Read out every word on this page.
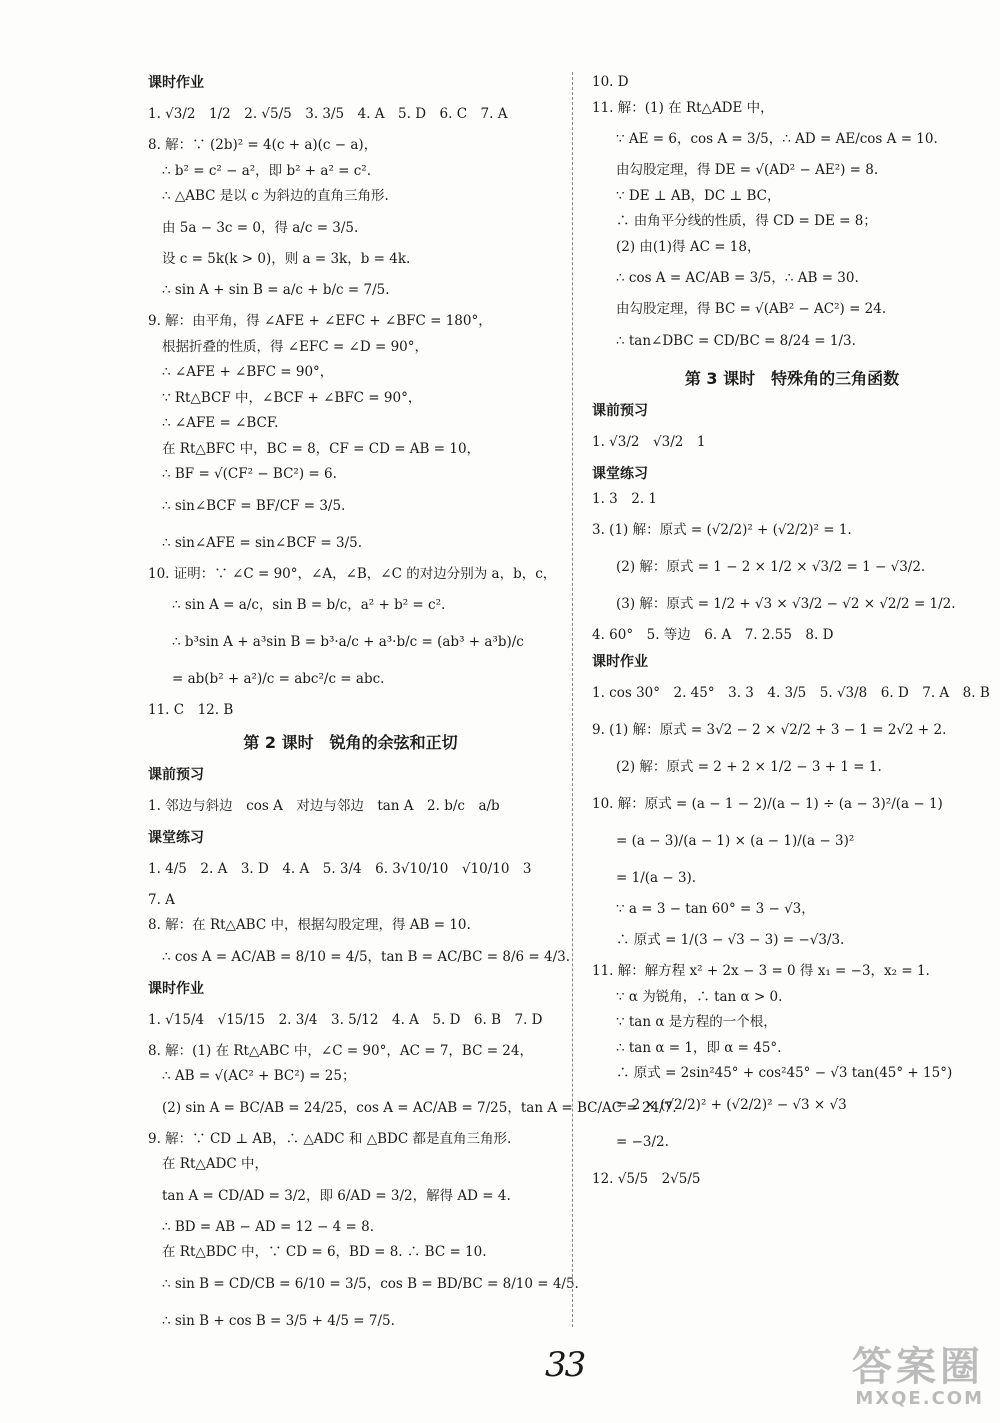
课时作业
1. √3/2　1/2　2. √5/5　3. 3/5　4. A　5. D　6. C　7. A
8. 解：∵ (2b)² = 4(c + a)(c − a)，
∴ b² = c² − a²，即 b² + a² = c².
∴ △ABC 是以 c 为斜边的直角三角形.
由 5a − 3c = 0，得 a/c = 3/5.
设 c = 5k(k > 0)，则 a = 3k，b = 4k.
∴ sin A + sin B = a/c + b/c = 7/5.
9. 解：由平角，得 ∠AFE + ∠EFC + ∠BFC = 180°，
根据折叠的性质，得 ∠EFC = ∠D = 90°，
∴ ∠AFE + ∠BFC = 90°，
∵ Rt△BCF 中，∠BCF + ∠BFC = 90°，
∴ ∠AFE = ∠BCF.
在 Rt△BFC 中，BC = 8，CF = CD = AB = 10，
∴ BF = √(CF² − BC²) = 6.
∴ sin∠BCF = BF/CF = 3/5.
∴ sin∠AFE = sin∠BCF = 3/5.
10. 证明：∵ ∠C = 90°，∠A，∠B，∠C 的对边分别为 a，b，c，
∴ sin A = a/c，sin B = b/c，a² + b² = c².
∴ b³sin A + a³sin B = b³·a/c + a³·b/c = (ab³ + a³b)/c
= ab(b² + a²)/c = abc²/c = abc.
11. C　12. B
第 2 课时　锐角的余弦和正切
课前预习
1. 邻边与斜边　cos A　对边与邻边　tan A　2. b/c　a/b
课堂练习
1. 4/5　2. A　3. D　4. A　5. 3/4　6. 3√10/10　√10/10　3
7. A
8. 解：在 Rt△ABC 中，根据勾股定理，得 AB = 10.
∴ cos A = AC/AB = 8/10 = 4/5，tan B = AC/BC = 8/6 = 4/3.
课时作业
1. √15/4　√15/15　2. 3/4　3. 5/12　4. A　5. D　6. B　7. D
8. 解：(1) 在 Rt△ABC 中，∠C = 90°，AC = 7，BC = 24，
∴ AB = √(AC² + BC²) = 25；
(2) sin A = BC/AB = 24/25，cos A = AC/AB = 7/25，tan A = BC/AC = 24/7.
9. 解：∵ CD ⊥ AB，∴ △ADC 和 △BDC 都是直角三角形.
在 Rt△ADC 中，
tan A = CD/AD = 3/2，即 6/AD = 3/2，解得 AD = 4.
∴ BD = AB − AD = 12 − 4 = 8.
在 Rt△BDC 中，∵ CD = 6，BD = 8. ∴ BC = 10.
∴ sin B = CD/CB = 6/10 = 3/5，cos B = BD/BC = 8/10 = 4/5.
∴ sin B + cos B = 3/5 + 4/5 = 7/5.
10. D
11. 解：(1) 在 Rt△ADE 中，
∵ AE = 6，cos A = 3/5，∴ AD = AE/cos A = 10.
由勾股定理，得 DE = √(AD² − AE²) = 8.
∵ DE ⊥ AB，DC ⊥ BC，
∴ 由角平分线的性质，得 CD = DE = 8；
(2) 由(1)得 AC = 18，
∴ cos A = AC/AB = 3/5，∴ AB = 30.
由勾股定理，得 BC = √(AB² − AC²) = 24.
∴ tan∠DBC = CD/BC = 8/24 = 1/3.
第 3 课时　特殊角的三角函数
课前预习
1. √3/2　√3/2　1
课堂练习
1. 3　2. 1
3. (1) 解：原式 = (√2/2)² + (√2/2)² = 1.
(2) 解：原式 = 1 − 2 × 1/2 × √3/2 = 1 − √3/2.
(3) 解：原式 = 1/2 + √3 × √3/2 − √2 × √2/2 = 1/2.
4. 60°　5. 等边　6. A　7. 2.55　8. D
课时作业
1. cos 30°　2. 45°　3. 3　4. 3/5　5. √3/8　6. D　7. A　8. B
9. (1) 解：原式 = 3√2 − 2 × √2/2 + 3 − 1 = 2√2 + 2.
(2) 解：原式 = 2 + 2 × 1/2 − 3 + 1 = 1.
10. 解：原式 = (a − 1 − 2)/(a − 1) ÷ (a − 3)²/(a − 1)
= (a − 3)/(a − 1) × (a − 1)/(a − 3)²
= 1/(a − 3).
∵ a = 3 − tan 60° = 3 − √3，
∴ 原式 = 1/(3 − √3 − 3) = −√3/3.
11. 解：解方程 x² + 2x − 3 = 0 得 x₁ = −3，x₂ = 1.
∵ α 为锐角，∴ tan α > 0.
∵ tan α 是方程的一个根，
∴ tan α = 1，即 α = 45°.
∴ 原式 = 2sin²45° + cos²45° − √3 tan(45° + 15°)
= 2 × (√2/2)² + (√2/2)² − √3 × √3
= −3/2.
12. √5/5　2√5/5
33	答案圈
MXQE.COM
